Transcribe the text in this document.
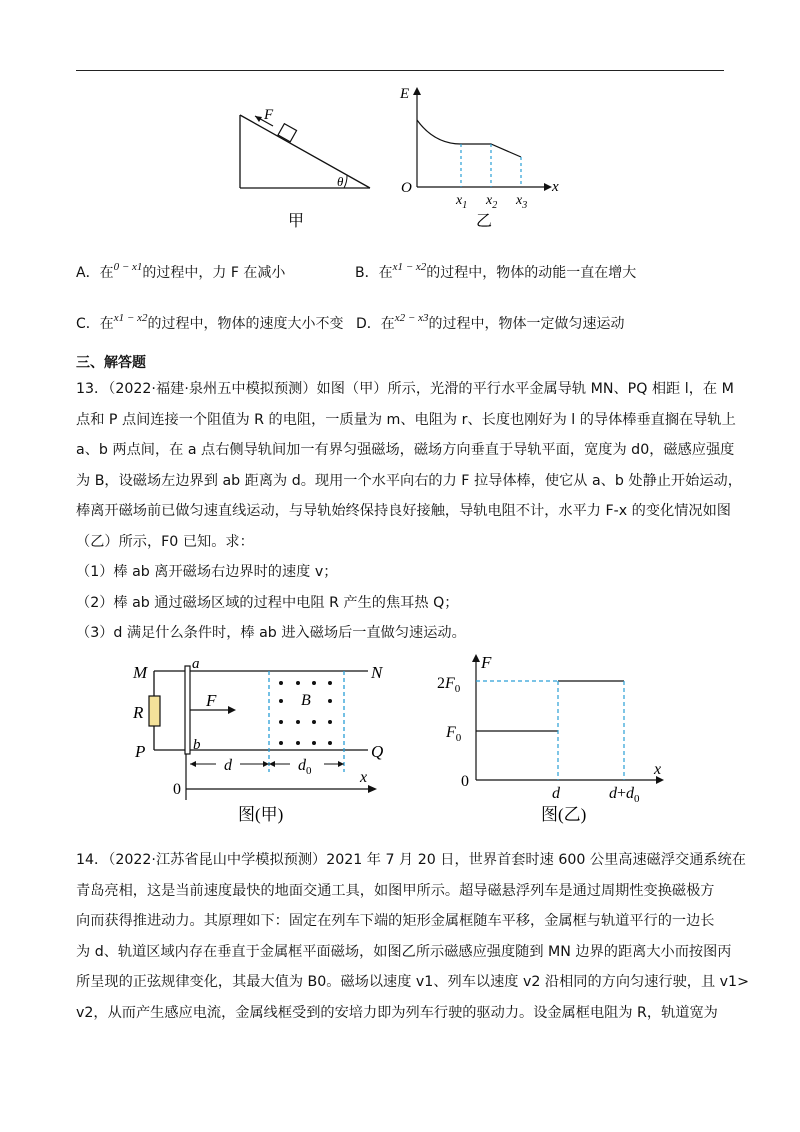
F
θ
甲
E
O	x
$x_1$ $x_2$ $x_3$
乙
A．在$^{0 - x1}$的过程中，力 F 在减小	B．在$^{x1 - x2}$的过程中，物体的动能一直在增大
C．在$^{x1 - x2}$的过程中，物体的速度大小不变 D．在$^{x2 - x3}$的过程中，物体一定做匀速运动
三、解答题
13．（2022·福建·泉州五中模拟预测）如图（甲）所示，光滑的平行水平金属导轨 MN、PQ 相距 l，在 M
点和 P 点间连接一个阻值为 R 的电阻，一质量为 m、电阻为 r、长度也刚好为 l 的导体棒垂直搁在导轨上
a、b 两点间，在 a 点右侧导轨间加一有界匀强磁场，磁场方向垂直于导轨平面，宽度为 d0，磁感应强度
为 B，设磁场左边界到 ab 距离为 d。现用一个水平向右的力 F 拉导体棒，使它从 a、b 处静止开始运动，
棒离开磁场前已做匀速直线运动，与导轨始终保持良好接触，导轨电阻不计，水平力 F-x 的变化情况如图
（乙）所示，F0 已知。求：
（1）棒 ab 离开磁场右边界时的速度 v；
（2）棒 ab 通过磁场区域的过程中电阻 R 产生的焦耳热 Q；
（3）d 满足什么条件时，棒 ab 进入磁场后一直做匀速运动。
M	a	N
R
F	B
P	b	Q
d	$d_0$
0
x
图(甲)
F
$2F_0$
$F_0$
0
x
d	$d+d_0$
图(乙)
14．（2022·江苏省昆山中学模拟预测）2021 年 7 月 20 日，世界首套时速 600 公里高速磁浮交通系统在
青岛亮相，这是当前速度最快的地面交通工具，如图甲所示。超导磁悬浮列车是通过周期性变换磁极方
向而获得推进动力。其原理如下：固定在列车下端的矩形金属框随车平移，金属框与轨道平行的一边长
为 d、轨道区域内存在垂直于金属框平面磁场，如图乙所示磁感应强度随到 MN 边界的距离大小而按图丙
所呈现的正弦规律变化，其最大值为 B0。磁场以速度 v1、列车以速度 v2 沿相同的方向匀速行驶，且 v1>
v2，从而产生感应电流，金属线框受到的安培力即为列车行驶的驱动力。设金属框电阻为 R，轨道宽为
